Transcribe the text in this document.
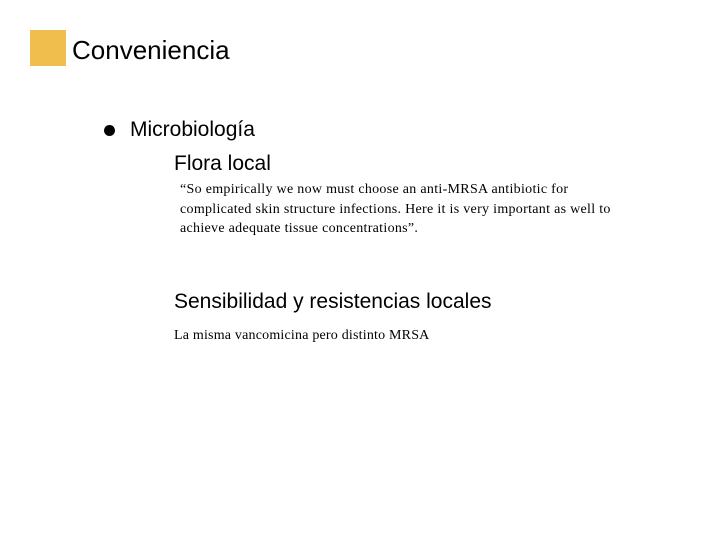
Conveniencia
Microbiología
Flora local
“So empirically we now must choose an anti-MRSA antibiotic for
complicated skin structure infections. Here it is very important as well to
achieve adequate tissue concentrations”.
Sensibilidad y resistencias locales
La misma vancomicina pero distinto MRSA
